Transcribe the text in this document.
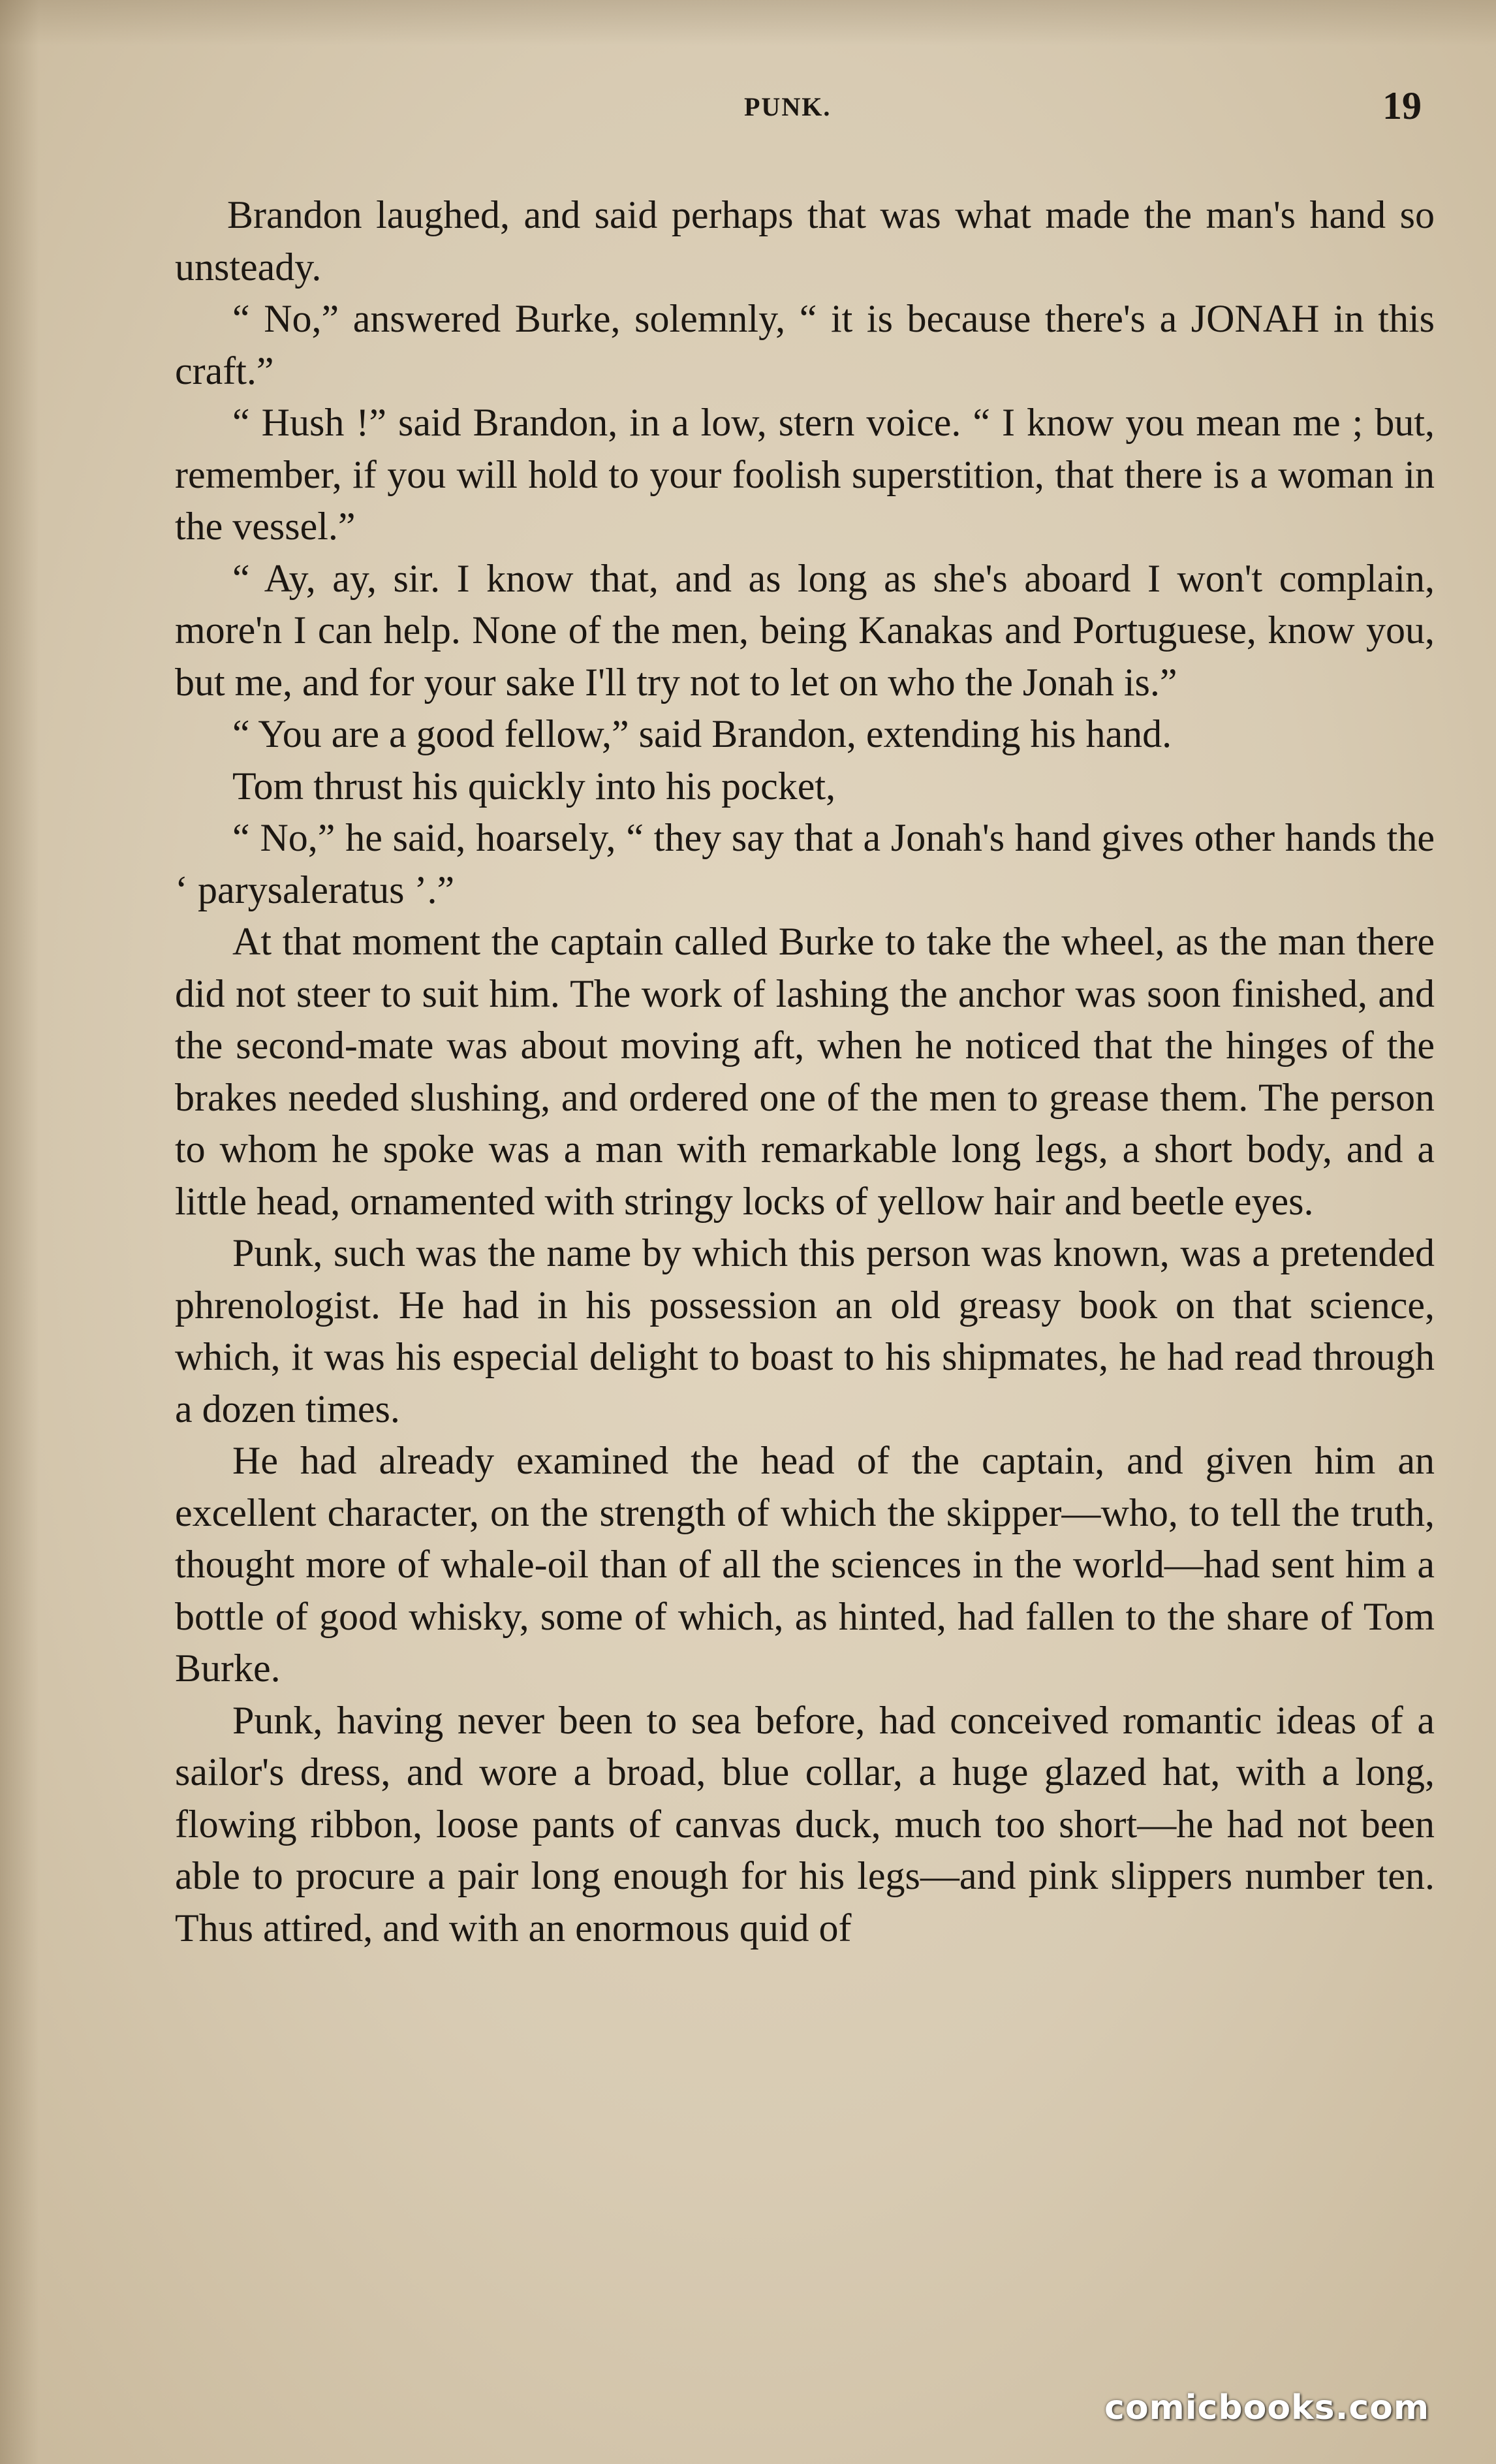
PUNK.	19

Brandon laughed, and said perhaps that was what made the man's hand so unsteady.

“ No,” answered Burke, solemnly, “ it is because there's a JONAH in this craft.”

“ Hush !” said Brandon, in a low, stern voice. “ I know you mean me ; but, remember, if you will hold to your foolish superstition, that there is a woman in the vessel.”

“ Ay, ay, sir. I know that, and as long as she's aboard I won't complain, more'n I can help. None of the men, being Kanakas and Portuguese, know you, but me, and for your sake I'll try not to let on who the Jonah is.”

“ You are a good fellow,” said Brandon, extending his hand.

Tom thrust his quickly into his pocket,

“ No,” he said, hoarsely, “ they say that a Jonah's hand gives other hands the ‘ parysaleratus ’.”

At that moment the captain called Burke to take the wheel, as the man there did not steer to suit him. The work of lashing the anchor was soon finished, and the second-mate was about moving aft, when he noticed that the hinges of the brakes needed slushing, and ordered one of the men to grease them. The person to whom he spoke was a man with remarkable long legs, a short body, and a little head, ornamented with stringy locks of yellow hair and beetle eyes.

Punk, such was the name by which this person was known, was a pretended phrenologist. He had in his possession an old greasy book on that science, which, it was his especial delight to boast to his shipmates, he had read through a dozen times.

He had already examined the head of the captain, and given him an excellent character, on the strength of which the skipper—who, to tell the truth, thought more of whale-oil than of all the sciences in the world—had sent him a bottle of good whisky, some of which, as hinted, had fallen to the share of Tom Burke.

Punk, having never been to sea before, had conceived romantic ideas of a sailor's dress, and wore a broad, blue collar, a huge glazed hat, with a long, flowing ribbon, loose pants of canvas duck, much too short—he had not been able to procure a pair long enough for his legs—and pink slippers number ten. Thus attired, and with an enormous quid of

comicbooks.com
